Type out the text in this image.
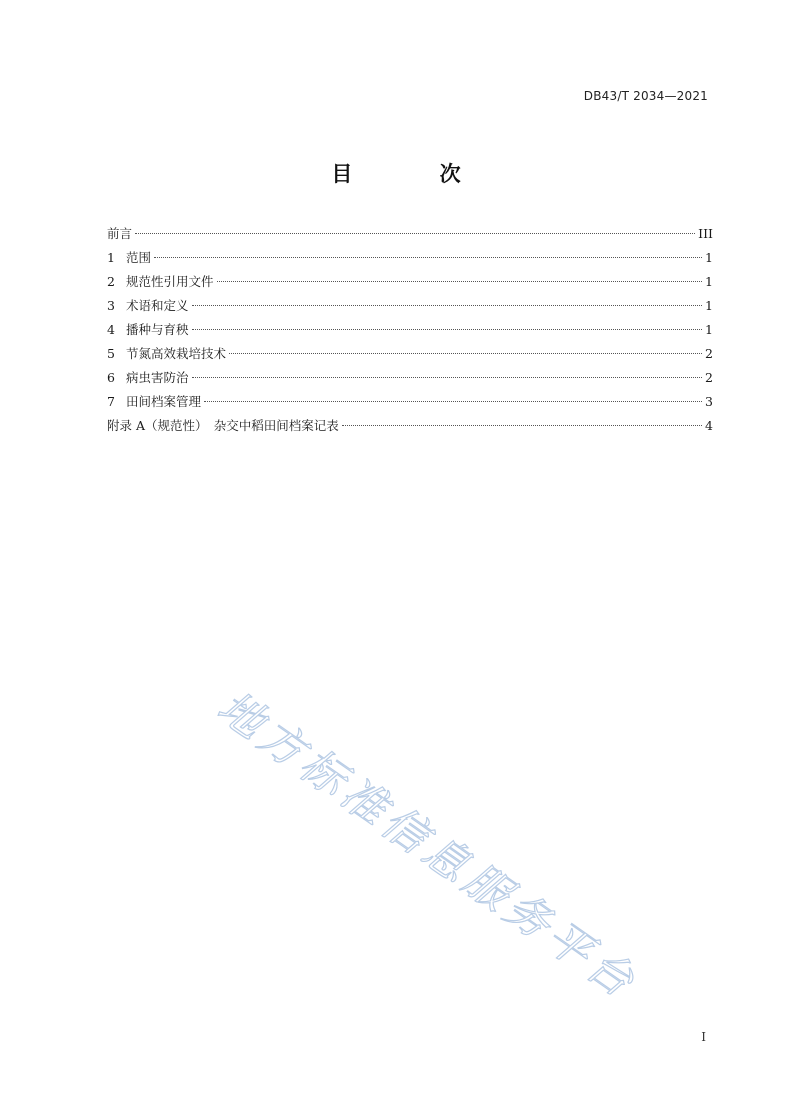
DB43/T 2034—2021
目 次
前言	III
1 范围	1
2 规范性引用文件	1
3 术语和定义	1
4 播种与育秧	1
5 节氮高效栽培技术	2
6 病虫害防治	2
7 田间档案管理	3
附录 A（规范性）　杂交中稻田间档案记表	4
地方标准信息服务平台
I
